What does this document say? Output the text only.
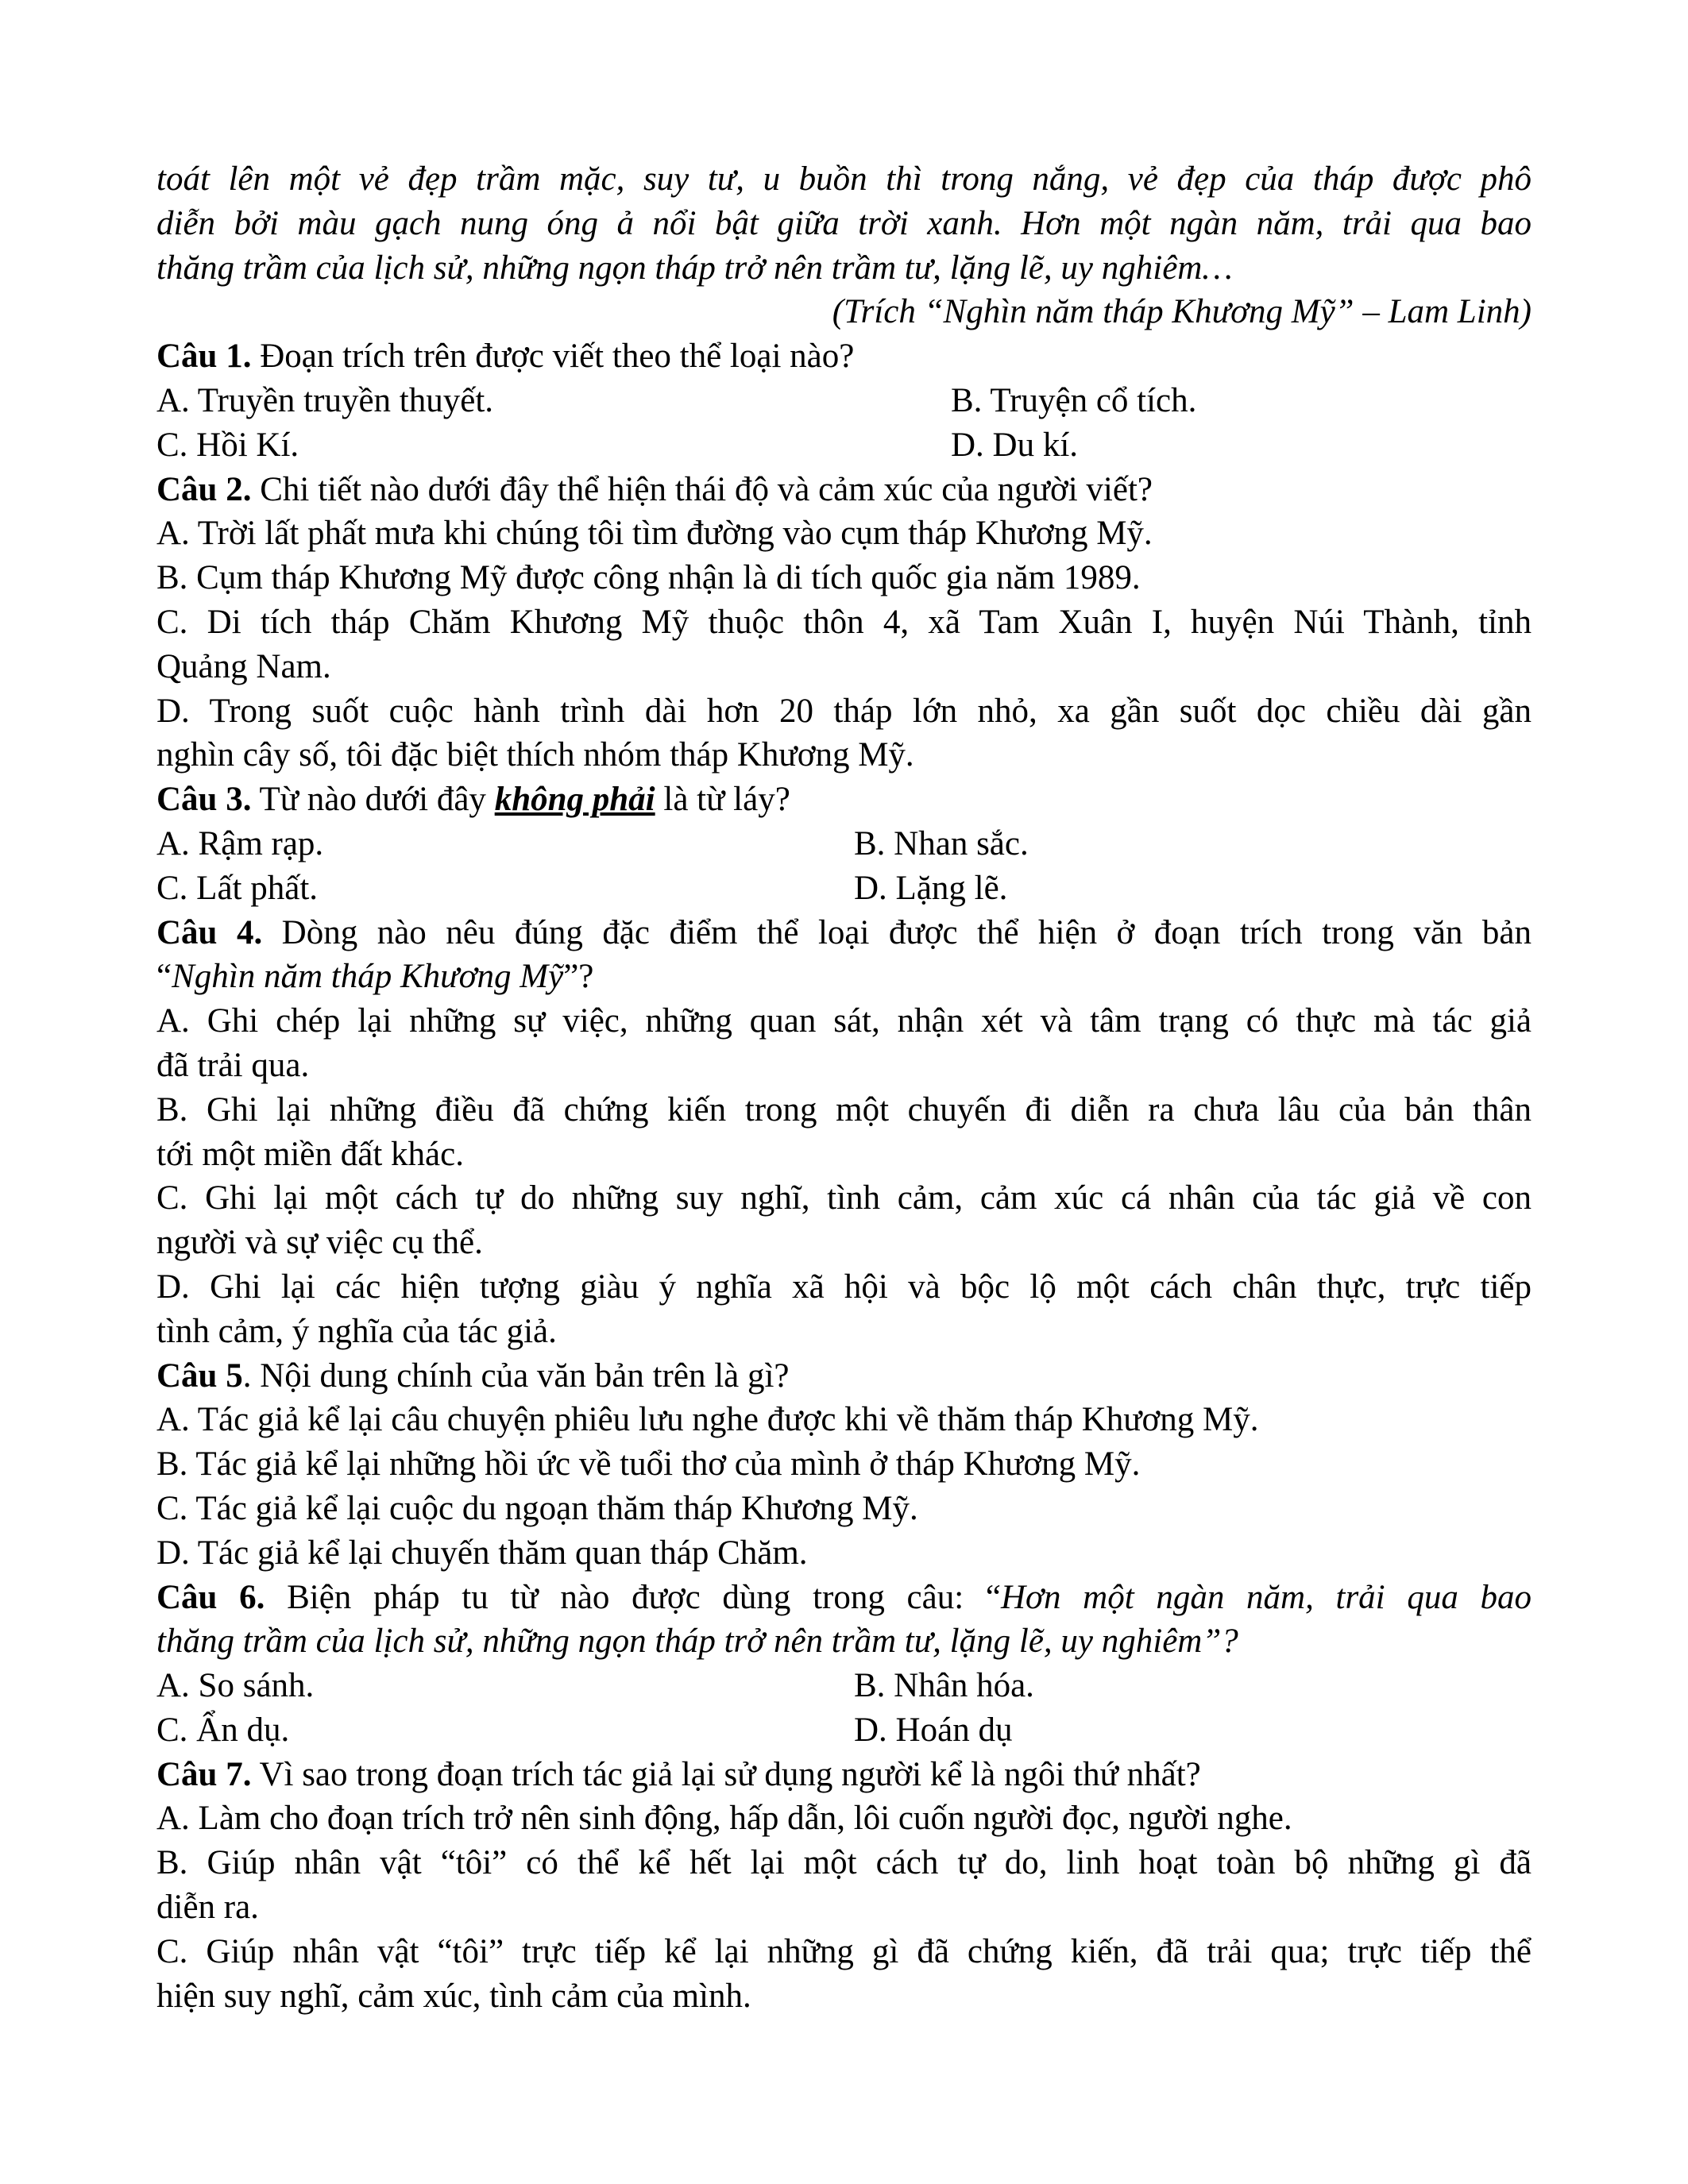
toát lên một vẻ đẹp trầm mặc, suy tư, u buồn thì trong nắng, vẻ đẹp của tháp được phô

diễn bởi màu gạch nung óng ả nổi bật giữa trời xanh. Hơn một ngàn năm, trải qua bao

thăng trầm của lịch sử, những ngọn tháp trở nên trầm tư, lặng lẽ, uy nghiêm…

(Trích “Nghìn năm tháp Khương Mỹ” – Lam Linh)

Câu 1. Đoạn trích trên được viết theo thể loại nào?

A. Truyền truyền thuyết.	B. Truyện cổ tích.
C. Hồi Kí.	D. Du kí.

Câu 2. Chi tiết nào dưới đây thể hiện thái độ và cảm xúc của người viết?

A. Trời lất phất mưa khi chúng tôi tìm đường vào cụm tháp Khương Mỹ.

B. Cụm tháp Khương Mỹ được công nhận là di tích quốc gia năm 1989.

C. Di tích tháp Chăm Khương Mỹ thuộc thôn 4, xã Tam Xuân I, huyện Núi Thành, tỉnh

Quảng Nam.

D. Trong suốt cuộc hành trình dài hơn 20 tháp lớn nhỏ, xa gần suốt dọc chiều dài gần

nghìn cây số, tôi đặc biệt thích nhóm tháp Khương Mỹ.

Câu 3. Từ nào dưới đây không phải là từ láy?

A. Rậm rạp.	B. Nhan sắc.
C. Lất phất.	D. Lặng lẽ.

Câu 4. Dòng nào nêu đúng đặc điểm thể loại được thể hiện ở đoạn trích trong văn bản

“Nghìn năm tháp Khương Mỹ”?

A. Ghi chép lại những sự việc, những quan sát, nhận xét và tâm trạng có thực mà tác giả

đã trải qua.

B. Ghi lại những điều đã chứng kiến trong một chuyến đi diễn ra chưa lâu của bản thân

tới một miền đất khác.

C. Ghi lại một cách tự do những suy nghĩ, tình cảm, cảm xúc cá nhân của tác giả về con

người và sự việc cụ thể.

D. Ghi lại các hiện tượng giàu ý nghĩa xã hội và bộc lộ một cách chân thực, trực tiếp

tình cảm, ý nghĩa của tác giả.

Câu 5. Nội dung chính của văn bản trên là gì?

A. Tác giả kể lại câu chuyện phiêu lưu nghe được khi về thăm tháp Khương Mỹ.

B. Tác giả kể lại những hồi ức về tuổi thơ của mình ở tháp Khương Mỹ.

C. Tác giả kể lại cuộc du ngoạn thăm tháp Khương Mỹ.

D. Tác giả kể lại chuyến thăm quan tháp Chăm.

Câu 6. Biện pháp tu từ nào được dùng trong câu: “Hơn một ngàn năm, trải qua bao

thăng trầm của lịch sử, những ngọn tháp trở nên trầm tư, lặng lẽ, uy nghiêm”?

A. So sánh.	B. Nhân hóa.
C. Ẩn dụ.	D. Hoán dụ

Câu 7. Vì sao trong đoạn trích tác giả lại sử dụng người kể là ngôi thứ nhất?

A. Làm cho đoạn trích trở nên sinh động, hấp dẫn, lôi cuốn người đọc, người nghe.

B. Giúp nhân vật “tôi” có thể kể hết lại một cách tự do, linh hoạt toàn bộ những gì đã

diễn ra.

C. Giúp nhân vật “tôi” trực tiếp kể lại những gì đã chứng kiến, đã trải qua; trực tiếp thể

hiện suy nghĩ, cảm xúc, tình cảm của mình.
